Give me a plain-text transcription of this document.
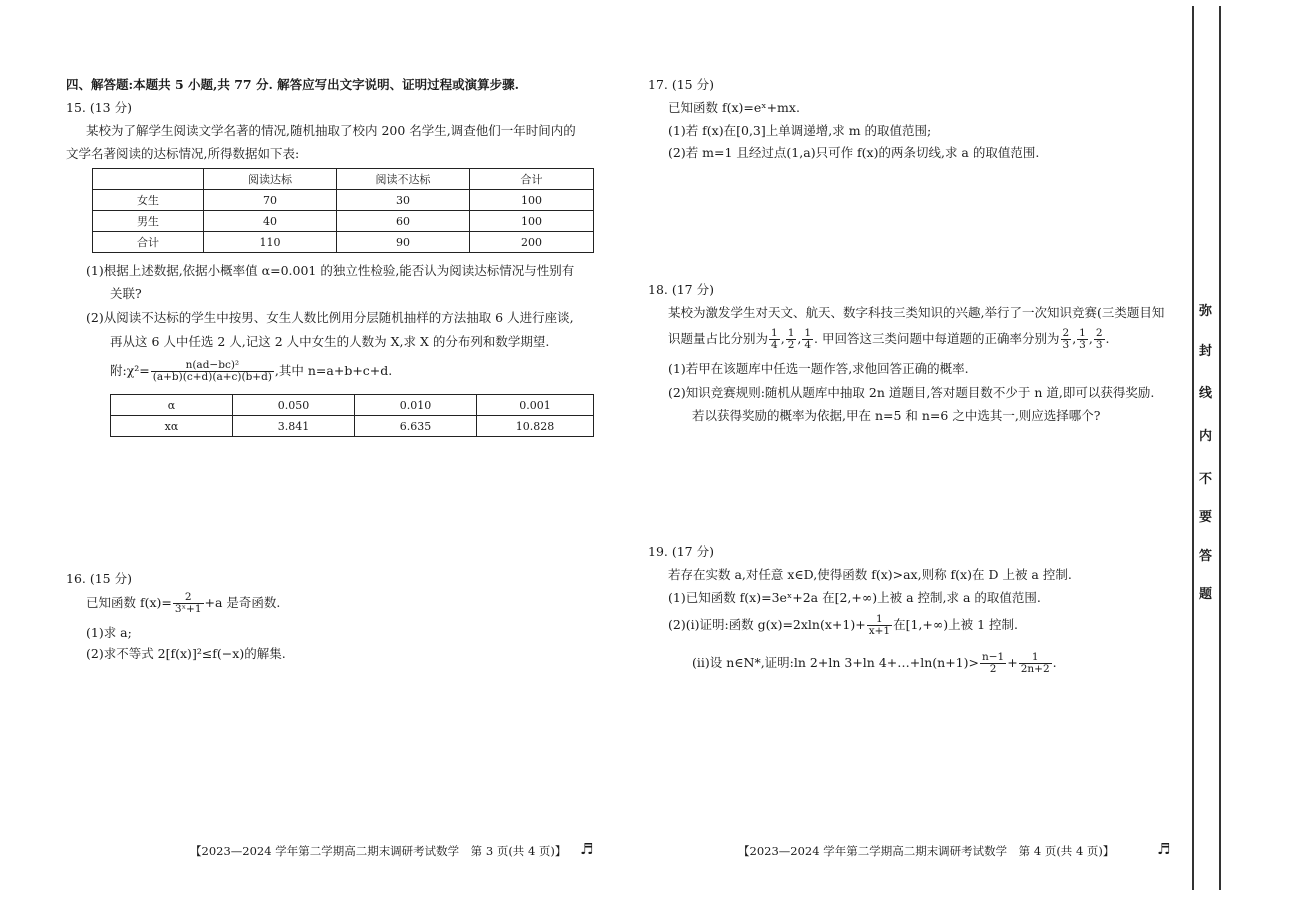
四、解答题:本题共 5 小题,共 77 分. 解答应写出文字说明、证明过程或演算步骤.
15. (13 分)
某校为了解学生阅读文学名著的情况,随机抽取了校内 200 名学生,调查他们一年时间内的
文学名著阅读的达标情况,所得数据如下表:
	阅读达标	阅读不达标	合计
女生	70	30	100
男生	40	60	100
合计	110	90	200
(1)根据上述数据,依据小概率值 α=0.001 的独立性检验,能否认为阅读达标情况与性别有
关联?
(2)从阅读不达标的学生中按男、女生人数比例用分层随机抽样的方法抽取 6 人进行座谈,
再从这 6 人中任选 2 人,记这 2 人中女生的人数为 X,求 X 的分布列和数学期望.
附:χ²= $\frac{\text{n(ad−bc)²}}{(a+b)(c+d)(a+c)(b+d)}$ ,其中 n=a+b+c+d.
α	0.050	0.010	0.001
xα	3.841	6.635	10.828
16. (15 分)
已知函数 $f(x)= \frac{2}{\text{3ˣ+1}} +a$ 是奇函数.
(1)求 a;
(2)求不等式 2[f(x)]²≤f(−x)的解集.
17. (15 分)
已知函数 f(x)=eˣ+mx.
(1)若 f(x)在[0,3]上单调递增,求 m 的取值范围;
(2)若 m=1 且经过点(1,a)只可作 f(x)的两条切线,求 a 的取值范围.
18. (17 分)
某校为激发学生对天文、航天、数字科技三类知识的兴趣,举行了一次知识竞赛(三类题目知
识题量占比分别为 $\frac{1}{4}$ , $\frac{1}{2}$ , $\frac{1}{4}$ . 甲回答这三类问题中每道题的正确率分别为 $\frac{2}{3}$ , $\frac{1}{3}$ , $\frac{2}{3}$ .
(1)若甲在该题库中任选一题作答,求他回答正确的概率.
(2)知识竞赛规则:随机从题库中抽取 2n 道题目,答对题目数不少于 n 道,即可以获得奖励.
若以获得奖励的概率为依据,甲在 n=5 和 n=6 之中选其一,则应选择哪个?
19. (17 分)
若存在实数 a,对任意 x∈D,使得函数 f(x)>ax,则称 f(x)在 D 上被 a 控制.
(1)已知函数 f(x)=3eˣ+2a 在[2,+∞)上被 a 控制,求 a 的取值范围.
(2)(ⅰ)证明:函数 $g(x)=2xln(x+1)+ \frac{1}{x+1}$ 在[1,+∞)上被 1 控制.
(ⅱ)设 n∈N*,证明:ln 2+ln 3+ln 4+…+ln(n+1)> $\frac{n-1}{2} + \frac{1}{2n+2}$ .
【2023—2024 学年第二学期高二期末调研考试数学　第 3 页(共 4 页)】 ♬	【2023—2024 学年第二学期高二期末调研考试数学　第 4 页(共 4 页)】	♬
弥
封
线
内
不
要
答
题
